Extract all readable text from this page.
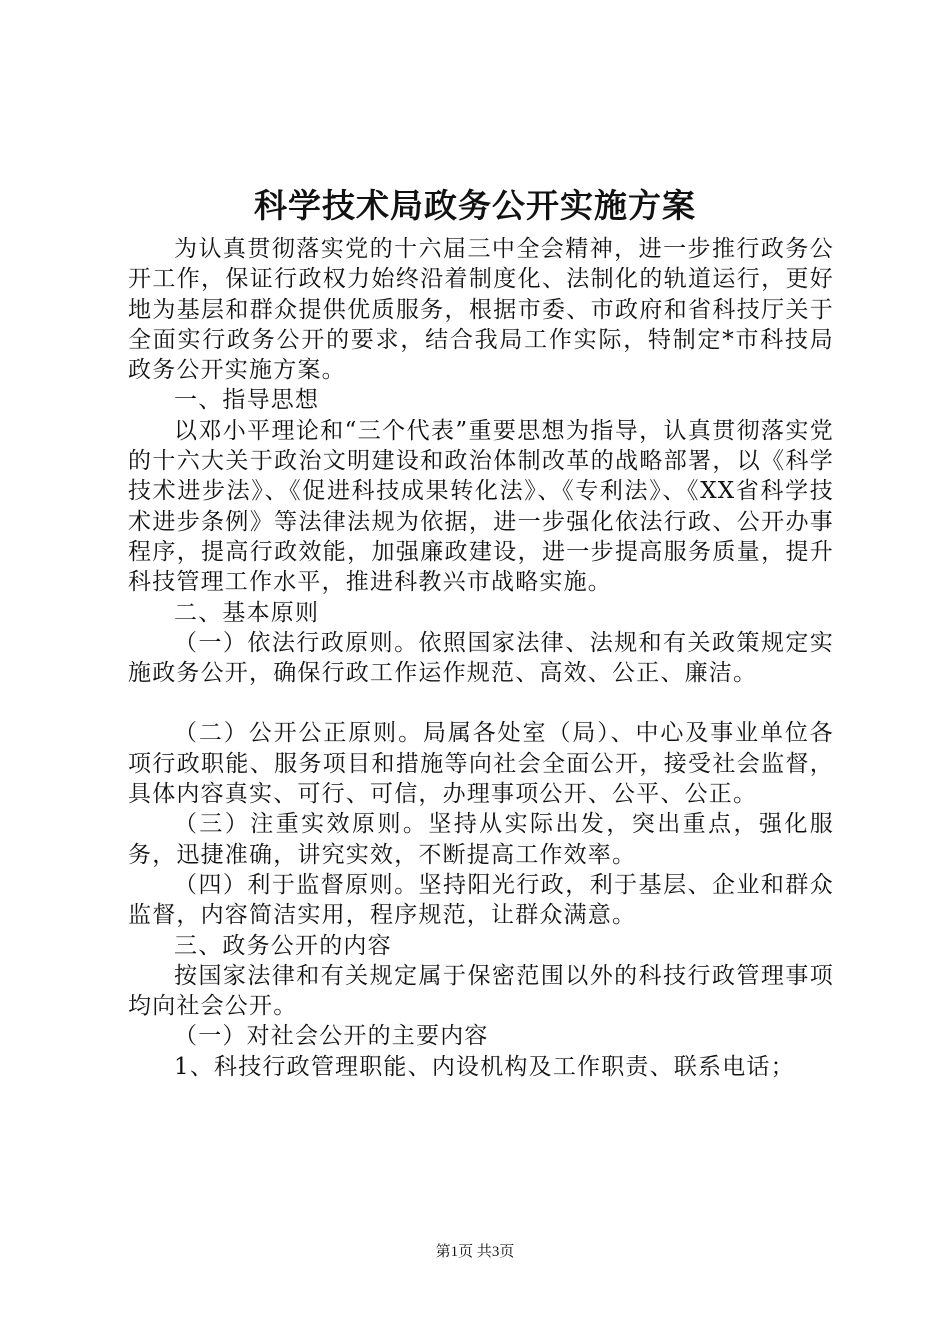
科学技术局政务公开实施方案

为认真贯彻落实党的十六届三中全会精神，进一步推行政务公开工作，保证行政权力始终沿着制度化、法制化的轨道运行，更好地为基层和群众提供优质服务，根据市委、市政府和省科技厅关于全面实行政务公开的要求，结合我局工作实际，特制定*市科技局政务公开实施方案。

一、指导思想

以邓小平理论和“三个代表”重要思想为指导，认真贯彻落实党的十六大关于政治文明建设和政治体制改革的战略部署，以《科学技术进步法》、《促进科技成果转化法》、《专利法》、《XX省科学技术进步条例》等法律法规为依据，进一步强化依法行政、公开办事程序，提高行政效能，加强廉政建设，进一步提高服务质量，提升科技管理工作水平，推进科教兴市战略实施。

二、基本原则

（一）依法行政原则。依照国家法律、法规和有关政策规定实施政务公开，确保行政工作运作规范、高效、公正、廉洁。

（二）公开公正原则。局属各处室（局）、中心及事业单位各项行政职能、服务项目和措施等向社会全面公开，接受社会监督，具体内容真实、可行、可信，办理事项公开、公平、公正。

（三）注重实效原则。坚持从实际出发，突出重点，强化服务，迅捷准确，讲究实效，不断提高工作效率。

（四）利于监督原则。坚持阳光行政，利于基层、企业和群众监督，内容简洁实用，程序规范，让群众满意。

三、政务公开的内容

按国家法律和有关规定属于保密范围以外的科技行政管理事项均向社会公开。

（一）对社会公开的主要内容

1、科技行政管理职能、内设机构及工作职责、联系电话；

第1页 共3页
